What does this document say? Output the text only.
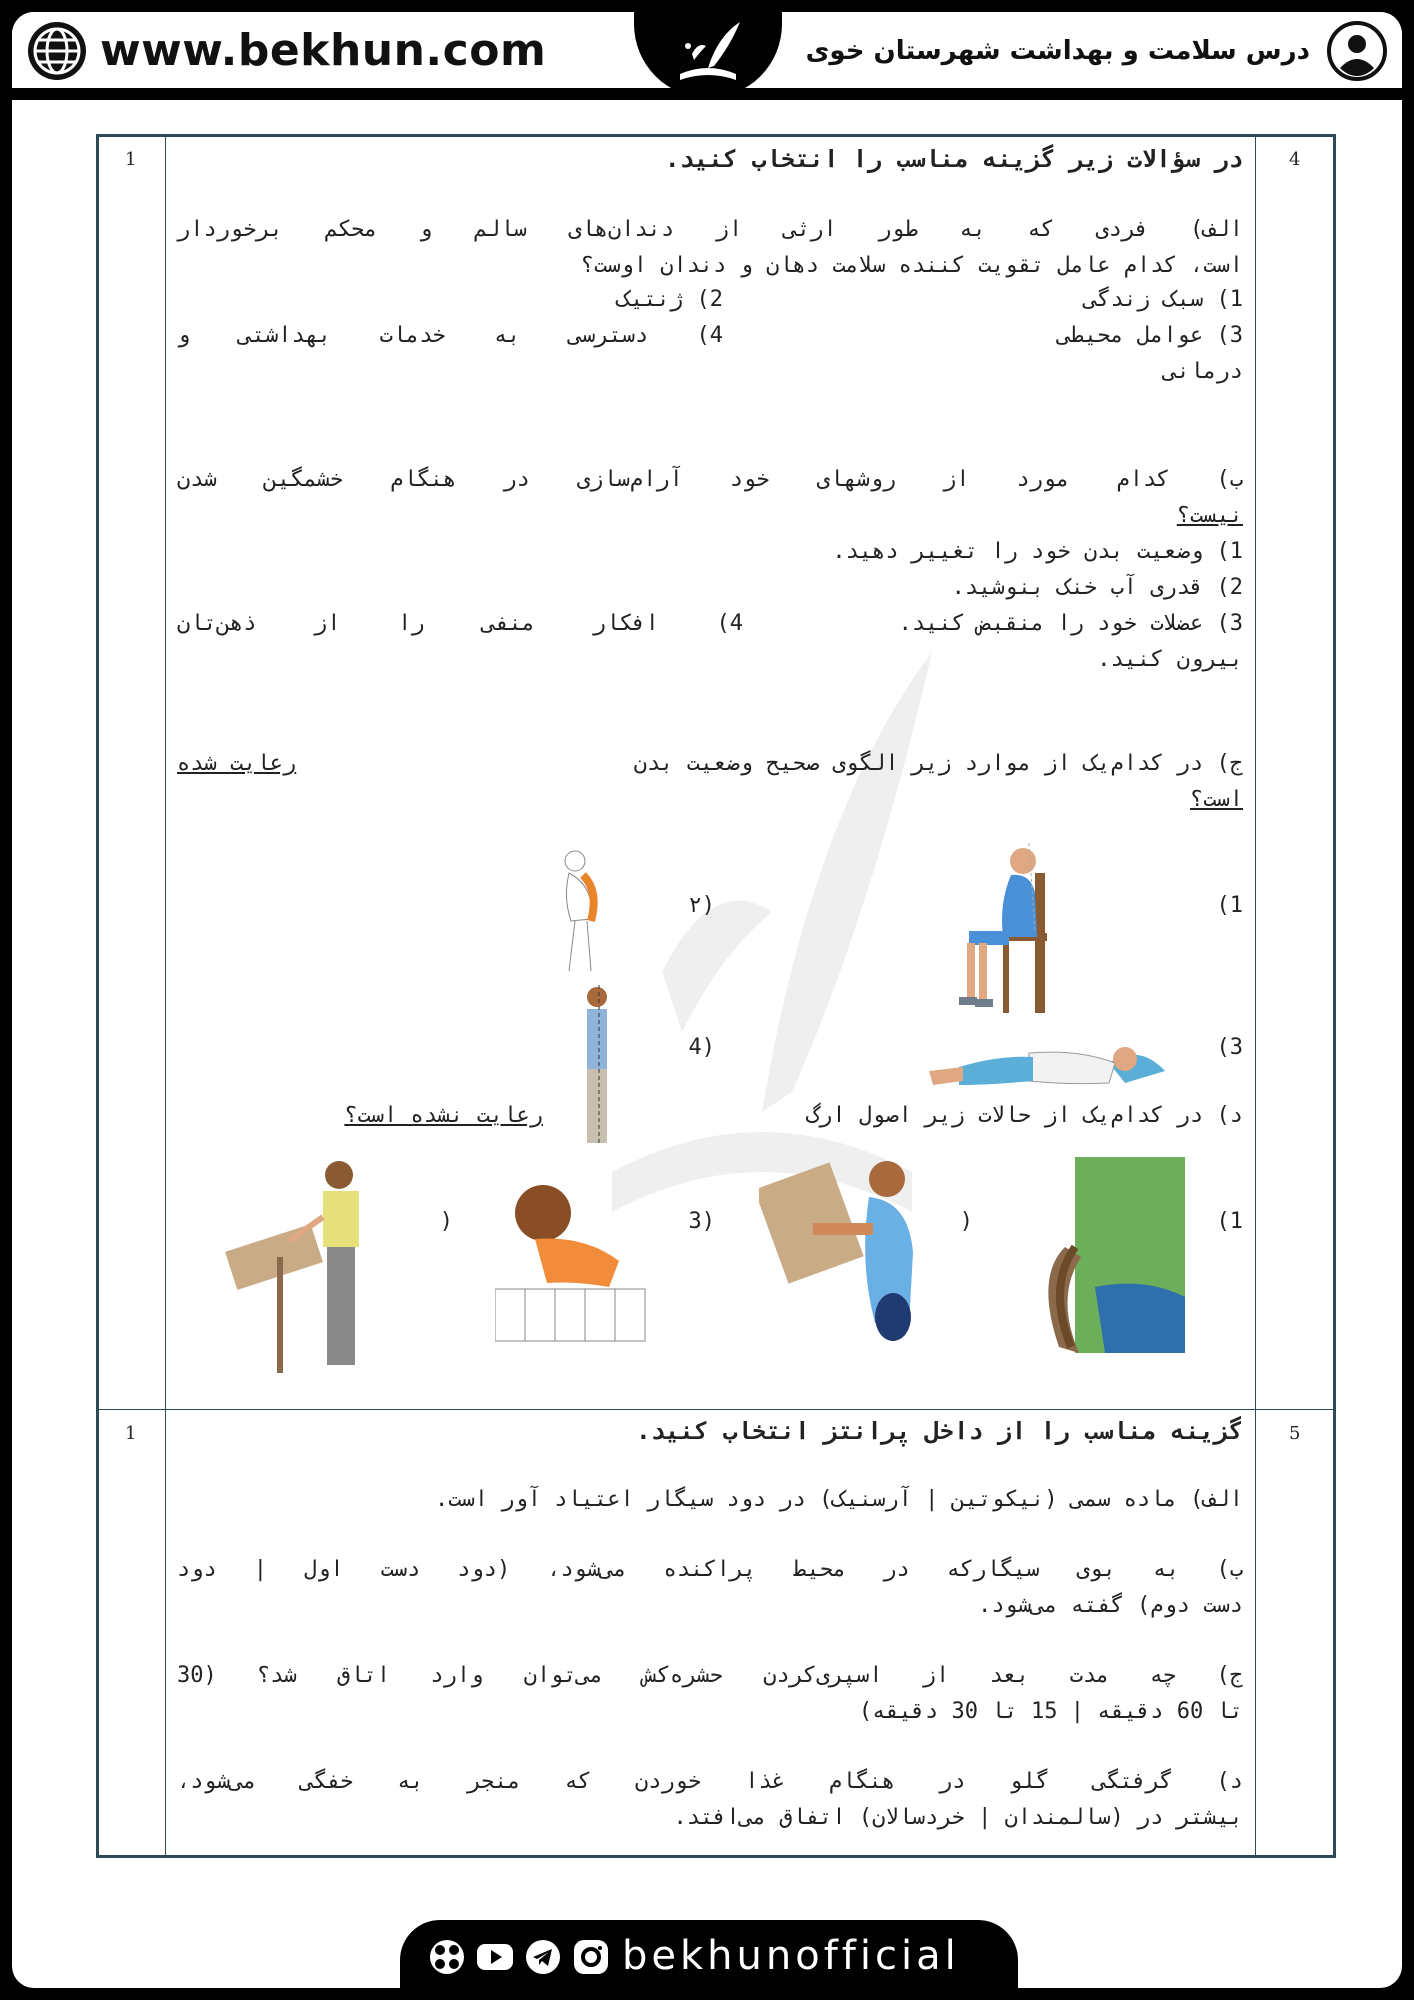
www.bekhun.com	درس سلامت و بهداشت شهرستان خوی
1	4
در سؤالات زیر گزینه مناسب را انتخاب کنید.
الف) فردی که به طور ارثی از دندان‌های سالم و محکم برخوردار
است، کدام عامل تقویت کننده سلامت دهان و دندان اوست؟
1) سبک زندگی
2) ژنتیک
3) عوامل محیطی
4) دسترسی به خدمات بهداشتی و
درمانی
ب) کدام مورد از روشهای خود آرام‌سازی در هنگام خشمگین شدن
نیست؟
1) وضعیت بدن خود را تغییر دهید.
2) قدری آب خنک بنوشید.
3) عضلات خود را منقبض کنید.
4) افکار منفی را از ذهن‌تان
بیرون کنید.
ج) در کدام‌یک از موارد زیر الگوی صحیح وضعیت بدن
رعایت شده
است؟
1)
(۲
3)
(4
د) در کدام‌یک از حالات زیر اصول ارگ
رعایت نشده است؟
1)
(
(3
(
1	5
گزینه مناسب را از داخل پرانتز انتخاب کنید.
الف) ماده سمی (نیکوتین | آرسنیک) در دود سیگار اعتیاد آور است.
ب) به بوی سیگارکه در محیط پراکنده می‌شود، (دود دست اول | دود
دست دوم) گفته می‌شود.
ج) چه مدت بعد از اسپری‌کردن حشره‌کش می‌توان وارد اتاق شد؟ (30
تا 60 دقیقه | 15 تا 30 دقیقه)
د) گرفتگی گلو در هنگام غذا خوردن که منجر به خفگی می‌شود،
بیشتر در (سالمندان | خردسالان) اتفاق می‌افتد.
bekhunofficial
